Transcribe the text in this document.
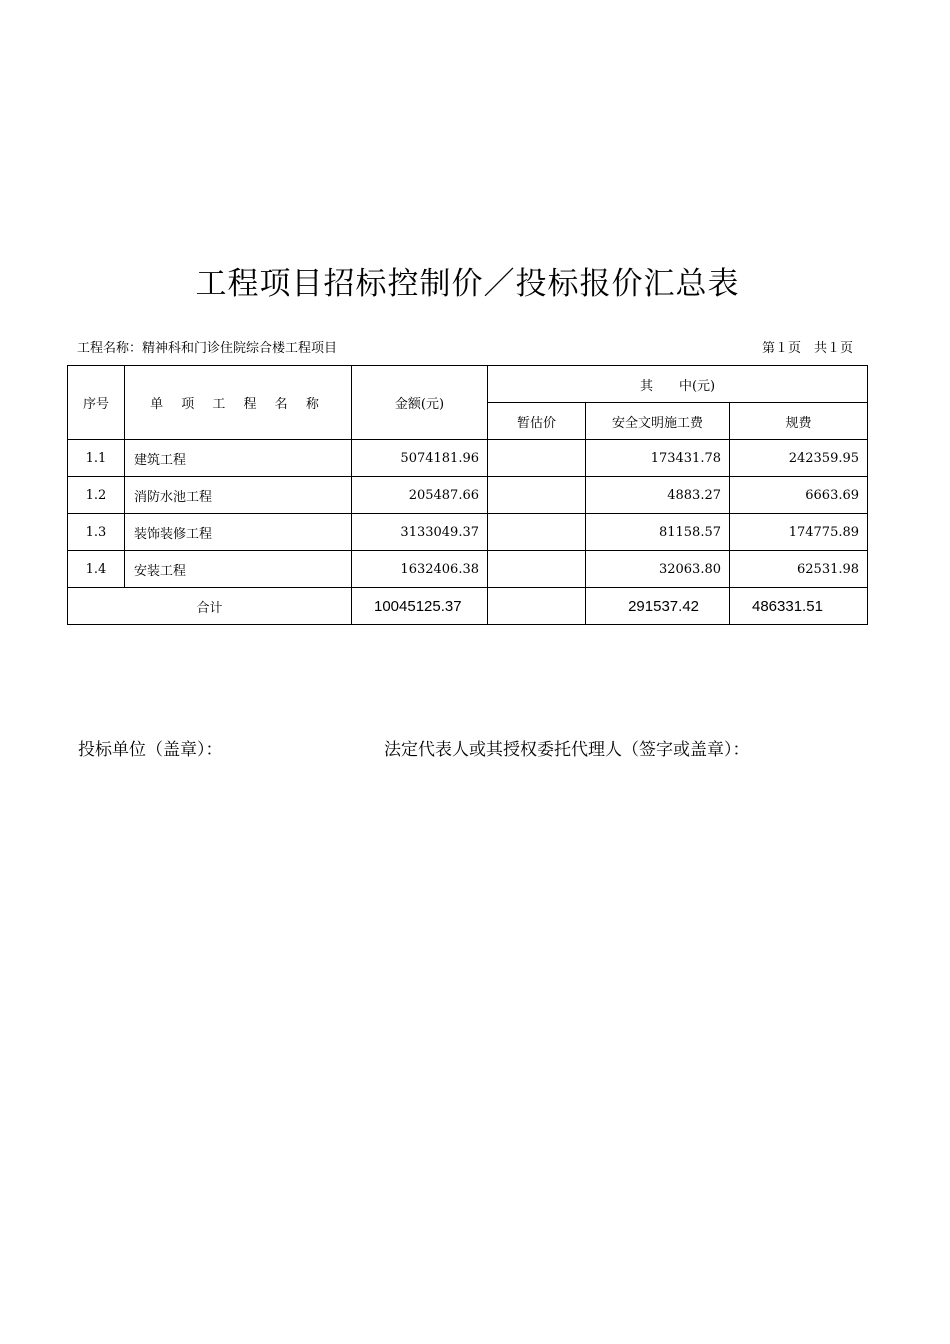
工程项目招标控制价／投标报价汇总表
工程名称：精神科和门诊住院综合楼工程项目	第１页　共１页
序号	单 项 工 程 名 称	金额(元)	其　　中(元)		
			暂估价	安全文明施工费	规费
1.1	建筑工程	5074181.96		173431.78	242359.95
1.2	消防水池工程	205487.66		4883.27	6663.69
1.3	装饰装修工程	3133049.37		81158.57	174775.89
1.4	安装工程	1632406.38		32063.80	62531.98
合计		10045125.37		291537.42	486331.51
投标单位（盖章）：	法定代表人或其授权委托代理人（签字或盖章）：
